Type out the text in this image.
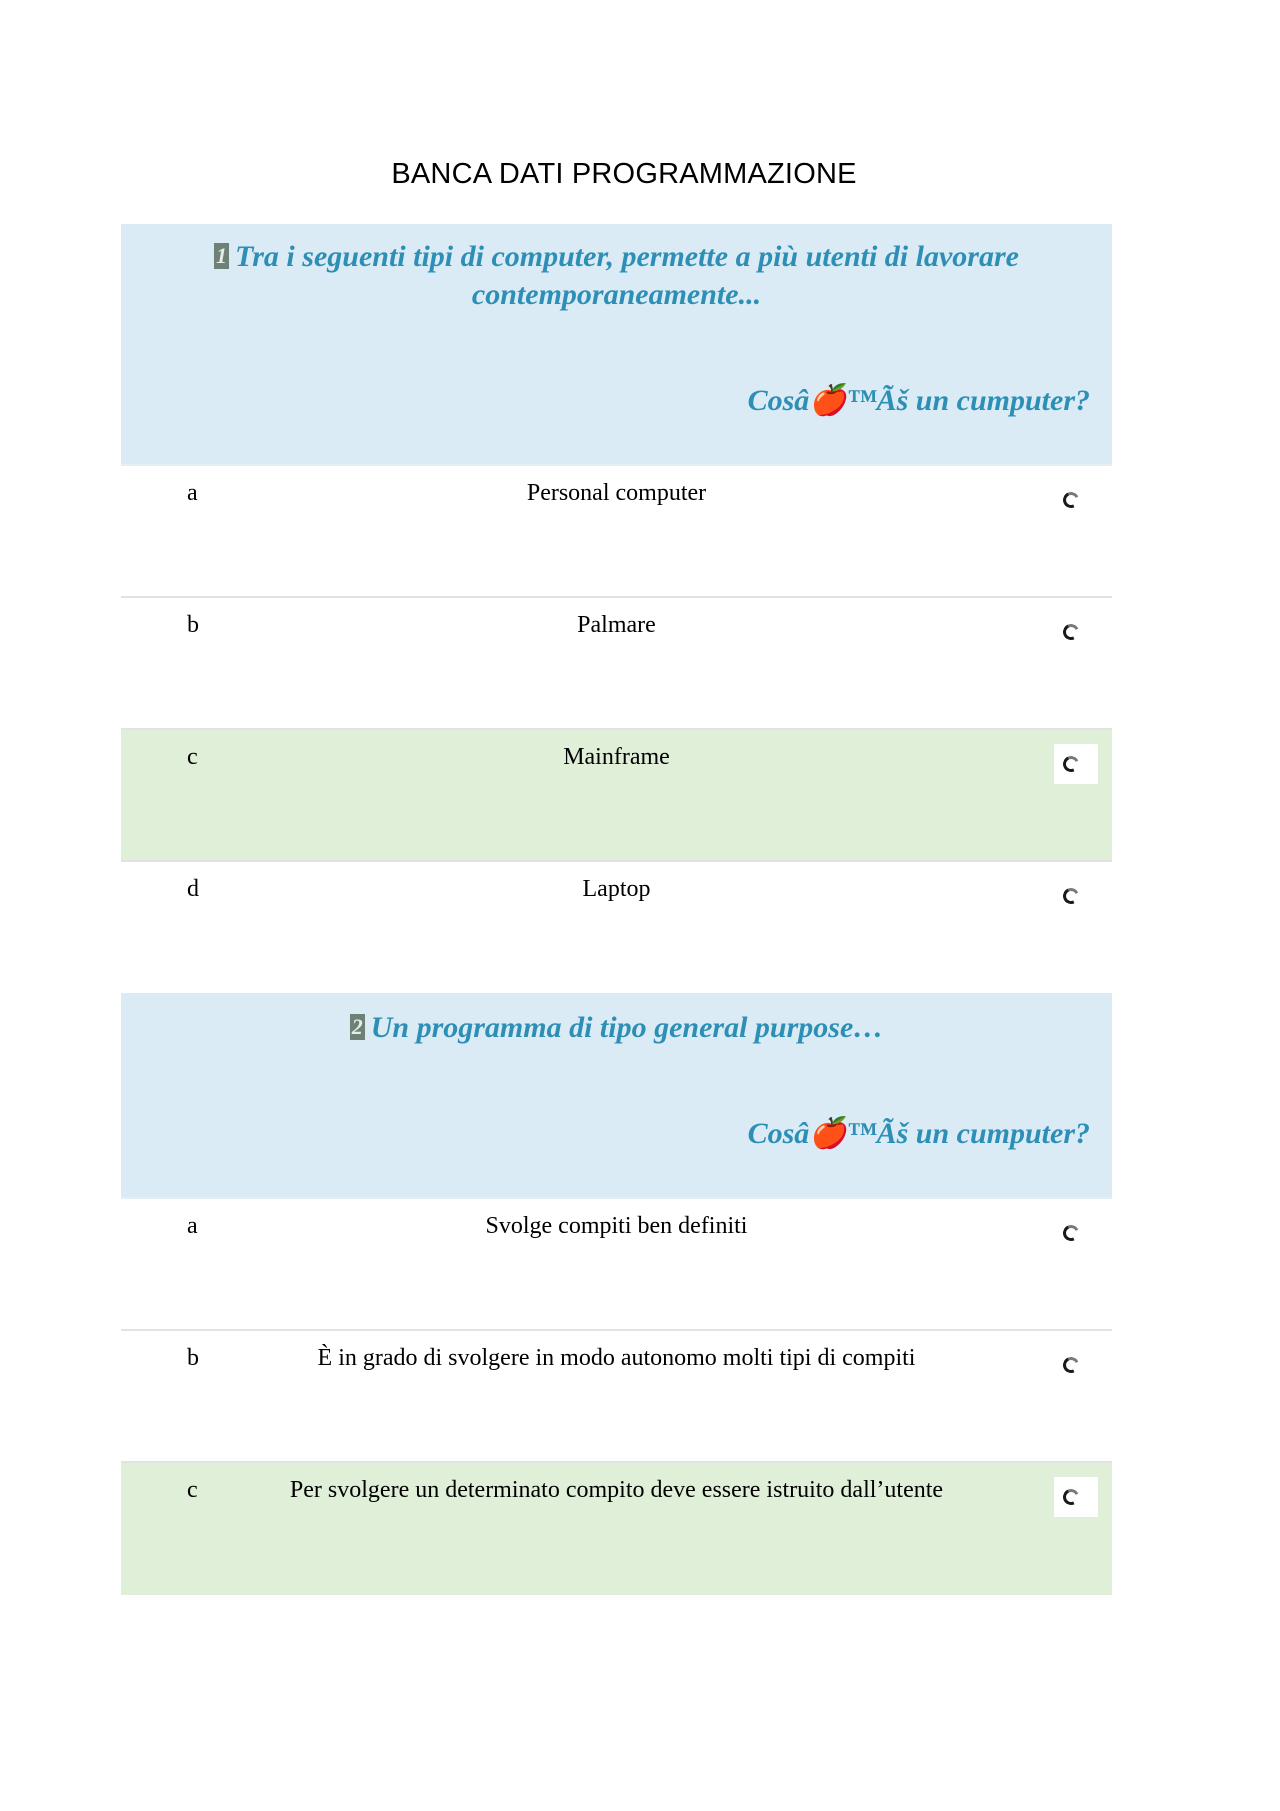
BANCA DATI PROGRAMMAZIONE
1 Tra i seguenti tipi di computer, permette a più utenti di lavorare contemporaneamente...
Cosâ🍎™Ãš un cumputer?
a	Personal computer
b	Palmare
c	Mainframe
d	Laptop
2 Un programma di tipo general purpose…
Cosâ🍎™Ãš un cumputer?
a	Svolge compiti ben definiti
b	È in grado di svolgere in modo autonomo molti tipi di compiti
c	Per svolgere un determinato compito deve essere istruito dall’utente
